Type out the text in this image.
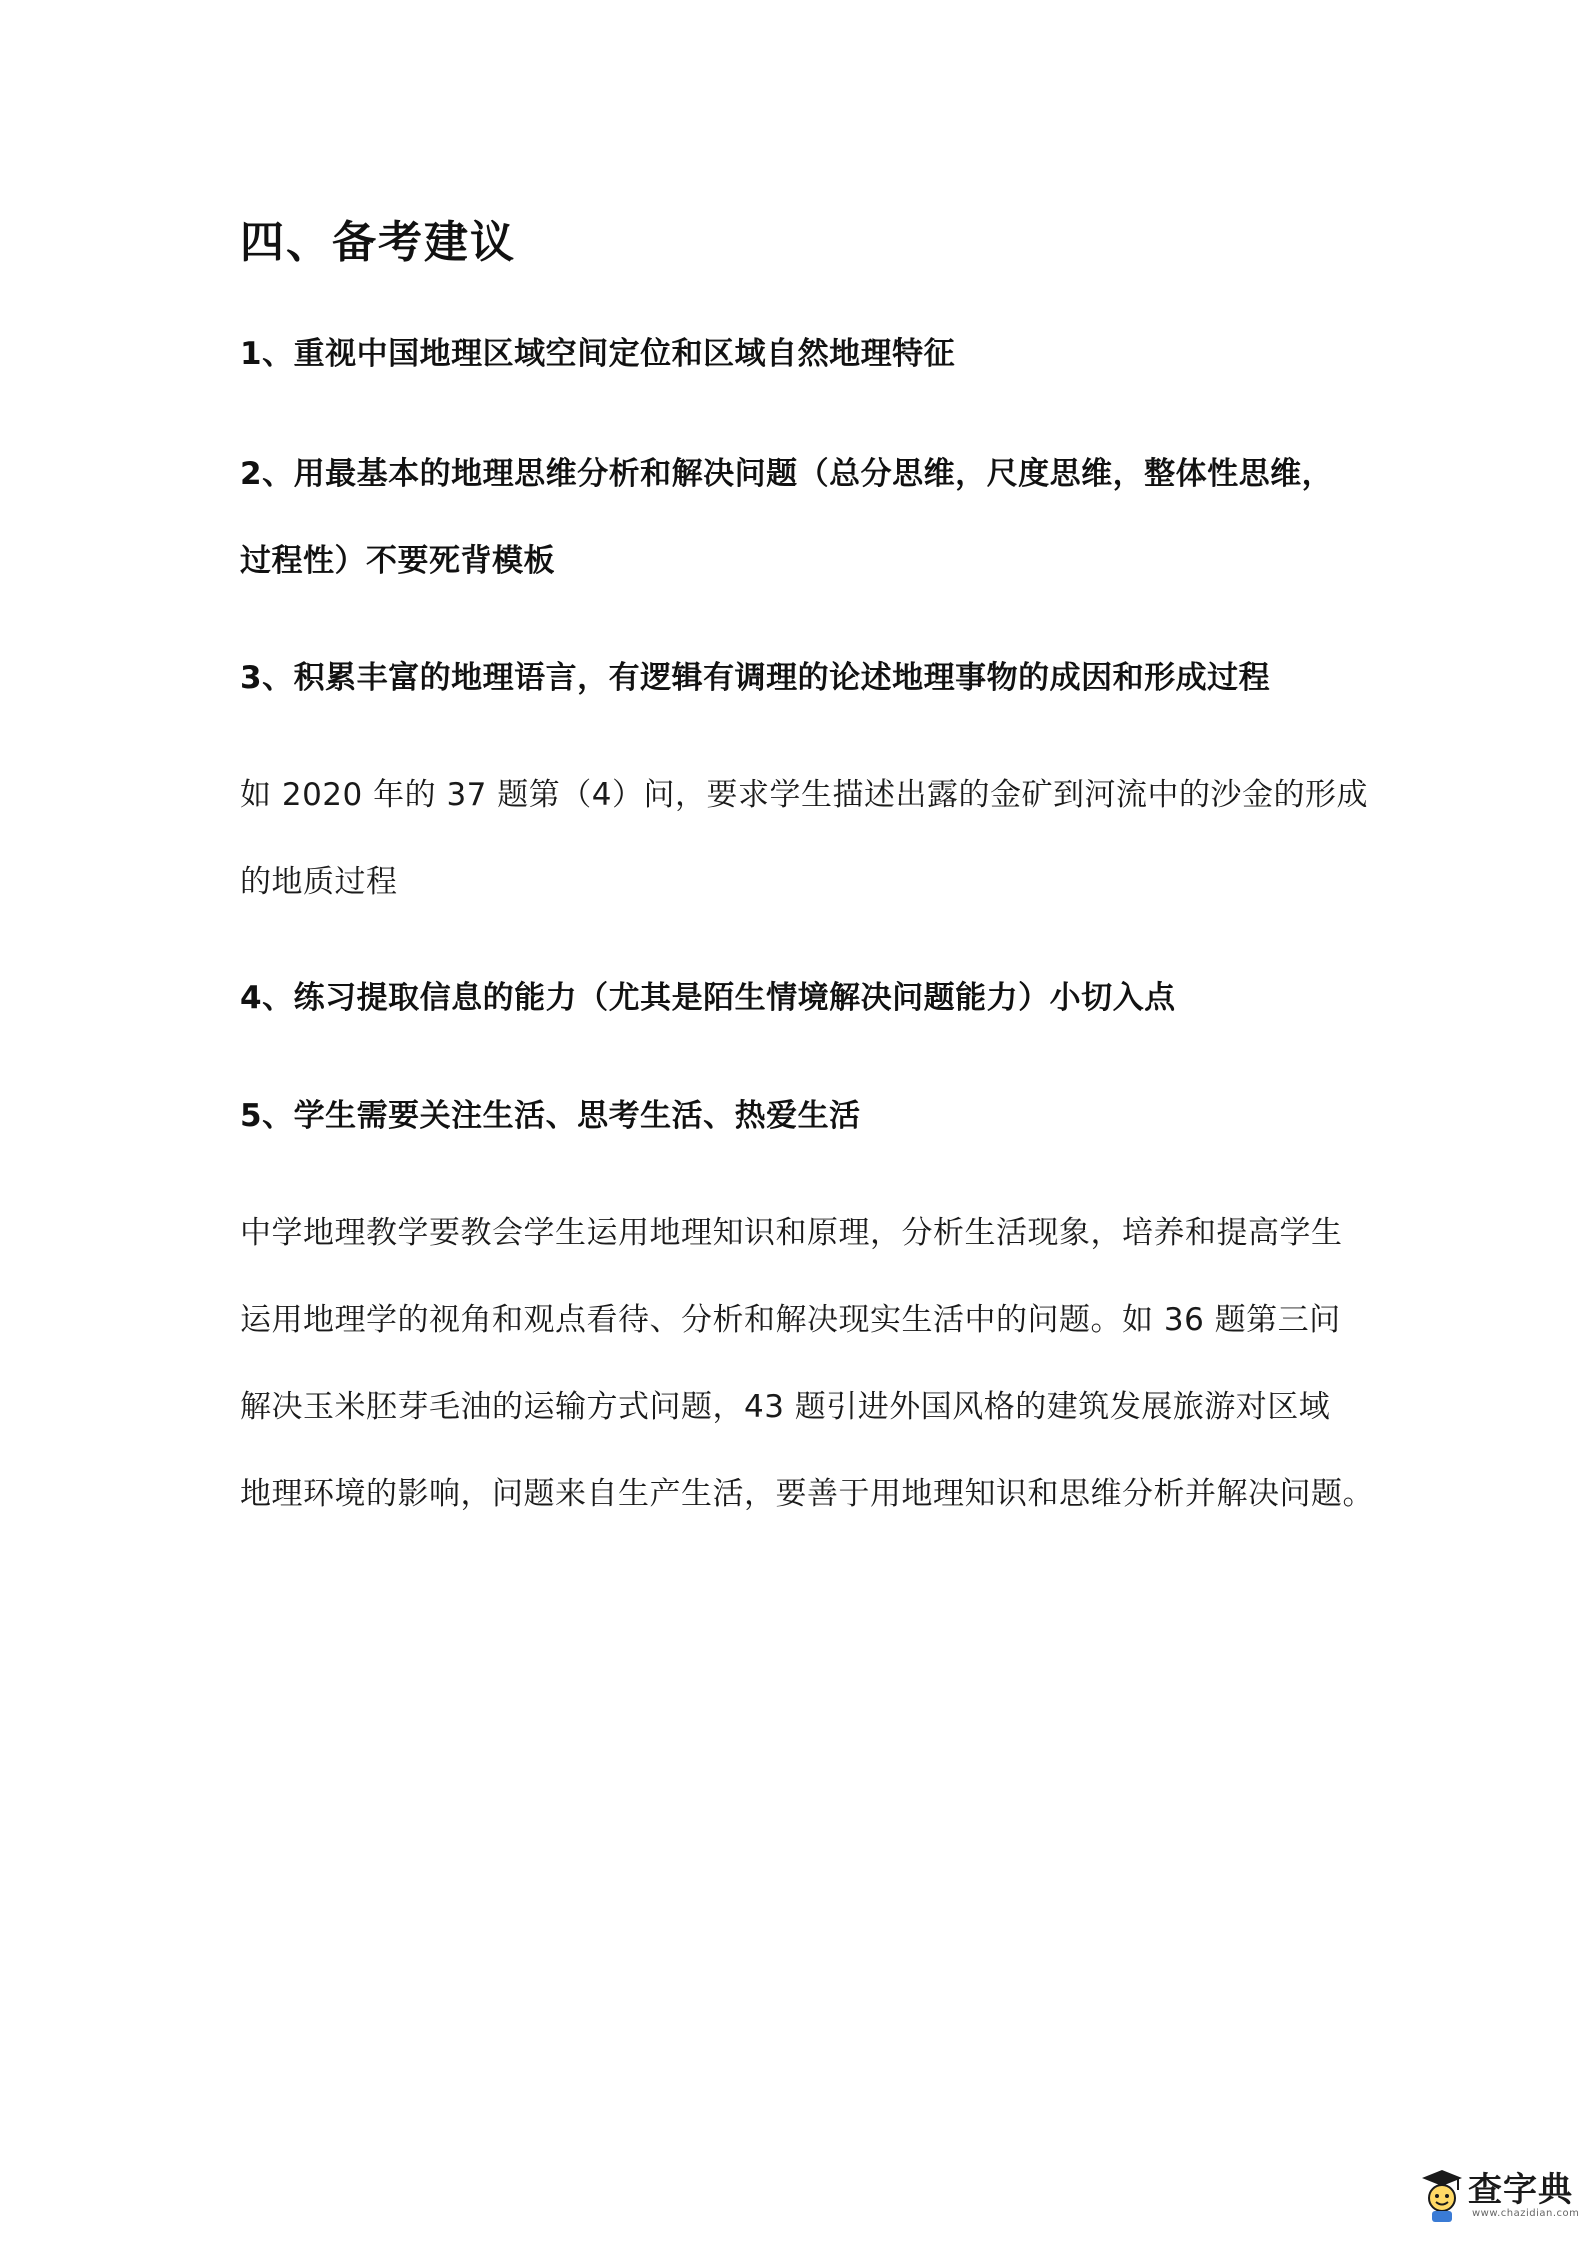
四、备考建议

1、重视中国地理区域空间定位和区域自然地理特征

2、用最基本的地理思维分析和解决问题（总分思维，尺度思维，整体性思维，
过程性）不要死背模板

3、积累丰富的地理语言，有逻辑有调理的论述地理事物的成因和形成过程

如 2020 年的 37 题第（4）问，要求学生描述出露的金矿到河流中的沙金的形成
的地质过程

4、练习提取信息的能力（尤其是陌生情境解决问题能力）小切入点

5、学生需要关注生活、思考生活、热爱生活

中学地理教学要教会学生运用地理知识和原理，分析生活现象，培养和提高学生
运用地理学的视角和观点看待、分析和解决现实生活中的问题。如 36 题第三问
解决玉米胚芽毛油的运输方式问题，43 题引进外国风格的建筑发展旅游对区域
地理环境的影响，问题来自生产生活，要善于用地理知识和思维分析并解决问题。

查字典
www.chazidian.com
